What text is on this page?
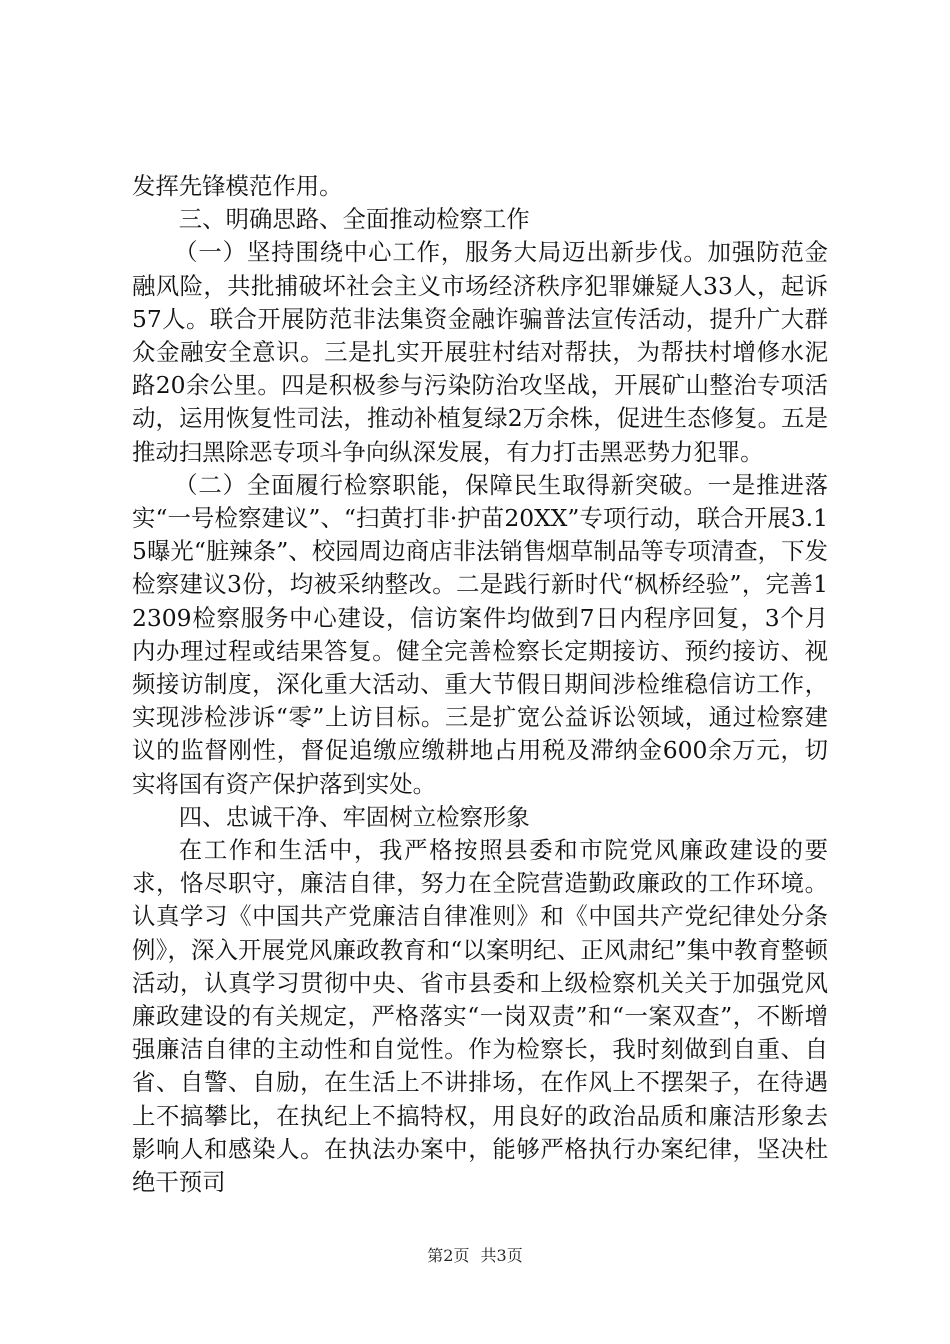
发挥先锋模范作用。

三、明确思路、全面推动检察工作

（一）坚持围绕中心工作，服务大局迈出新步伐。加强防范金融风险，共批捕破坏社会主义市场经济秩序犯罪嫌疑人33人，起诉57人。联合开展防范非法集资金融诈骗普法宣传活动，提升广大群众金融安全意识。三是扎实开展驻村结对帮扶，为帮扶村增修水泥路20余公里。四是积极参与污染防治攻坚战，开展矿山整治专项活动，运用恢复性司法，推动补植复绿2万余株，促进生态修复。五是推动扫黑除恶专项斗争向纵深发展，有力打击黑恶势力犯罪。

（二）全面履行检察职能，保障民生取得新突破。一是推进落实“一号检察建议”、“扫黄打非·护苗20XX”专项行动，联合开展3.15曝光“脏辣条”、校园周边商店非法销售烟草制品等专项清查，下发检察建议3份，均被采纳整改。二是践行新时代“枫桥经验”，完善12309检察服务中心建设，信访案件均做到7日内程序回复，3个月内办理过程或结果答复。健全完善检察长定期接访、预约接访、视频接访制度，深化重大活动、重大节假日期间涉检维稳信访工作，实现涉检涉诉“零”上访目标。三是扩宽公益诉讼领域，通过检察建议的监督刚性，督促追缴应缴耕地占用税及滞纳金600余万元，切实将国有资产保护落到实处。

四、忠诚干净、牢固树立检察形象

在工作和生活中，我严格按照县委和市院党风廉政建设的要求，恪尽职守，廉洁自律，努力在全院营造勤政廉政的工作环境。认真学习《中国共产党廉洁自律准则》和《中国共产党纪律处分条例》，深入开展党风廉政教育和“以案明纪、正风肃纪”集中教育整顿活动，认真学习贯彻中央、省市县委和上级检察机关关于加强党风廉政建设的有关规定，严格落实“一岗双责”和“一案双查”，不断增强廉洁自律的主动性和自觉性。作为检察长，我时刻做到自重、自省、自警、自励，在生活上不讲排场，在作风上不摆架子，在待遇上不搞攀比，在执纪上不搞特权，用良好的政治品质和廉洁形象去影响人和感染人。在执法办案中，能够严格执行办案纪律，坚决杜绝干预司

第2页 共3页
